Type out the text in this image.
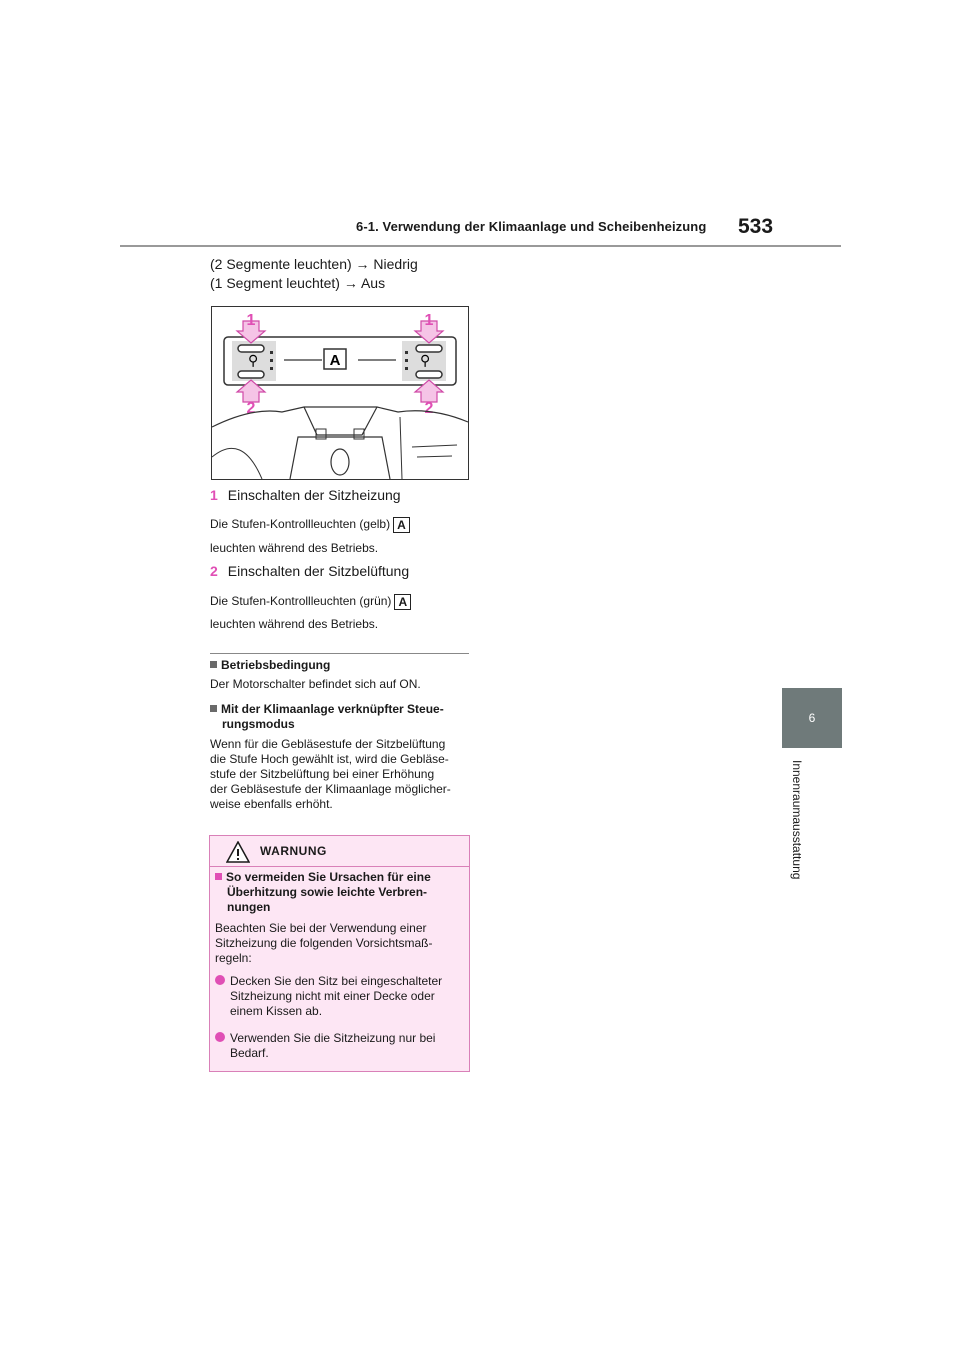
6-1. Verwendung der Klimaanlage und Scheibenheizung 533
6
Innenraumausstattung
(2 Segmente leuchten) → Niedrig
(1 Segment leuchtet) → Aus
A
⚲	⚲
1	1
2	2
1 Einschalten der Sitzheizung
Die Stufen-Kontrollleuchten (gelb) A
leuchten während des Betriebs.
2 Einschalten der Sitzbelüftung
Die Stufen-Kontrollleuchten (grün) A
leuchten während des Betriebs.
Betriebsbedingung
Der Motorschalter befindet sich auf ON.
Mit der Klimaanlage verknüpfter Steue-
rungsmodus
Wenn für die Gebläsestufe der Sitzbelüftung
die Stufe Hoch gewählt ist, wird die Gebläse-
stufe der Sitzbelüftung bei einer Erhöhung
der Gebläsestufe der Klimaanlage möglicher-
weise ebenfalls erhöht.
WARNUNG
So vermeiden Sie Ursachen für eine
Überhitzung sowie leichte Verbren-
nungen
Beachten Sie bei der Verwendung einer
Sitzheizung die folgenden Vorsichtsmaß-
regeln:
Decken Sie den Sitz bei eingeschalteter
Sitzheizung nicht mit einer Decke oder
einem Kissen ab.
Verwenden Sie die Sitzheizung nur bei
Bedarf.
